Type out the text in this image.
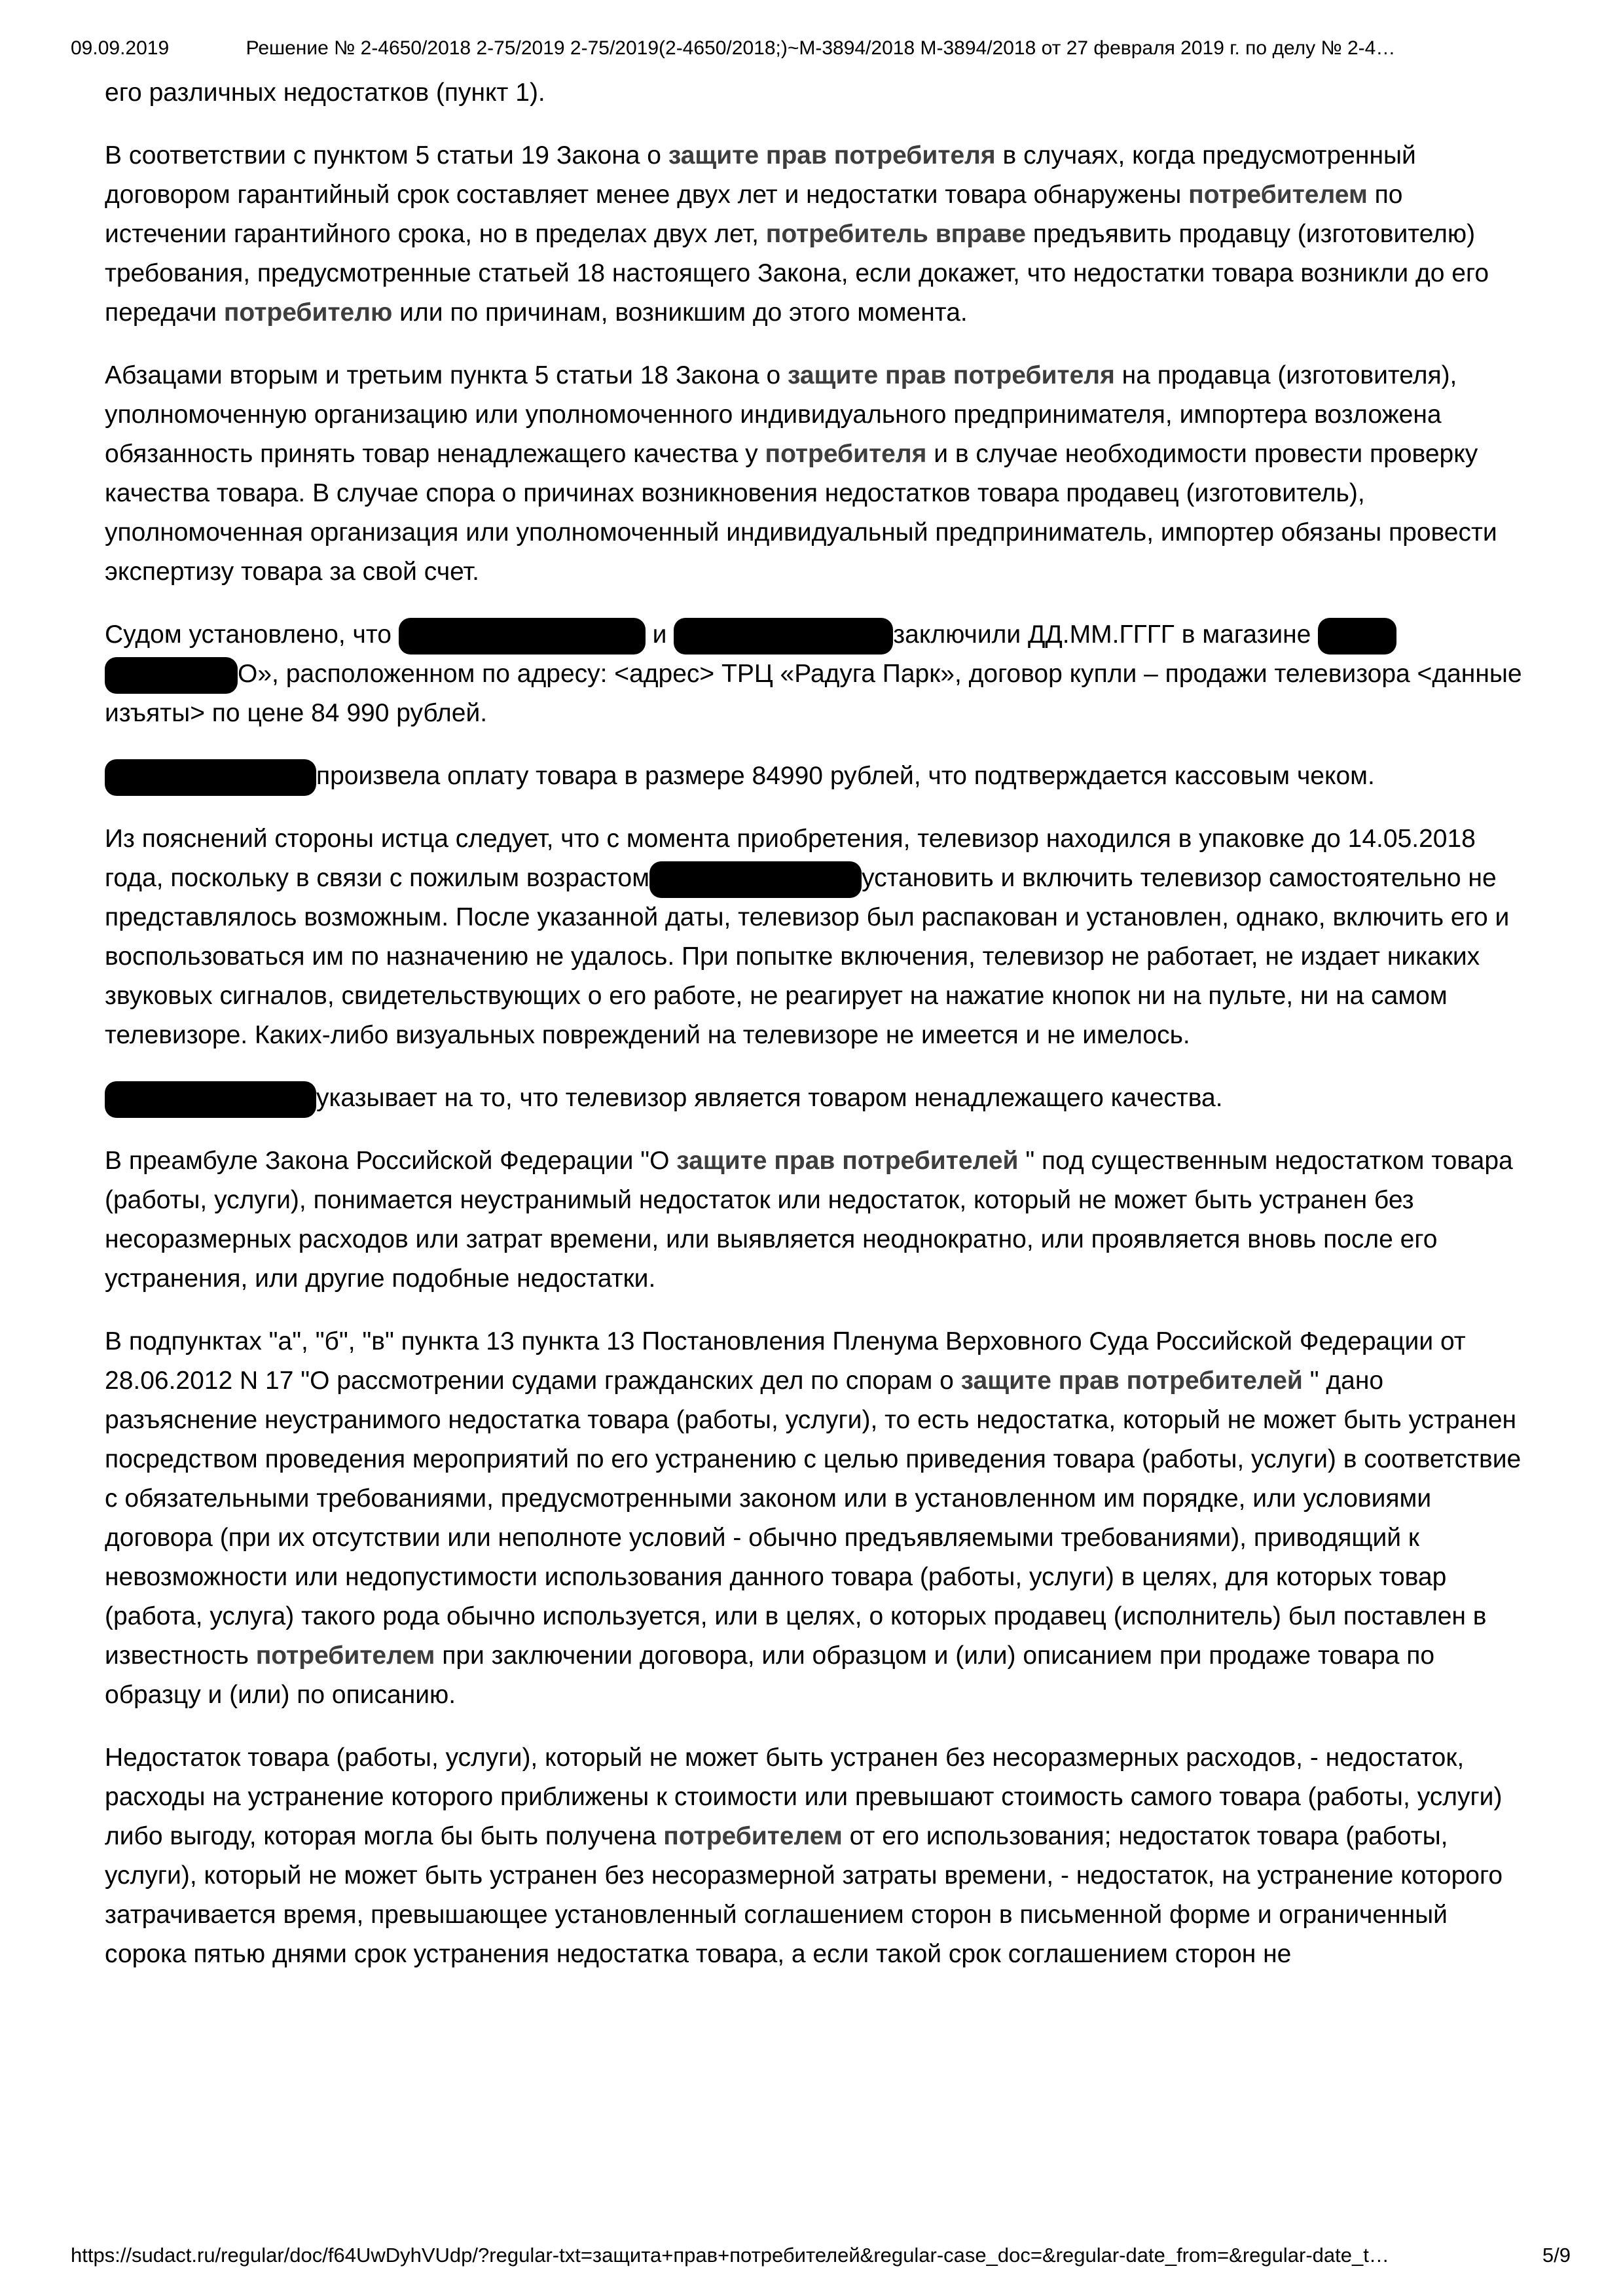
09.09.2019	Решение № 2-4650/2018 2-75/2019 2-75/2019(2-4650/2018;)~М-3894/2018 М-3894/2018 от 27 февраля 2019 г. по делу № 2-4…

его различных недостатков (пункт 1).

В соответствии с пунктом 5 статьи 19 Закона о защите прав потребителя в случаях, когда предусмотренный договором гарантийный срок составляет менее двух лет и недостатки товара обнаружены потребителем по истечении гарантийного срока, но в пределах двух лет, потребитель вправе предъявить продавцу (изготовителю) требования, предусмотренные статьей 18 настоящего Закона, если докажет, что недостатки товара возникли до его передачи потребителю или по причинам, возникшим до этого момента.

Абзацами вторым и третьим пункта 5 статьи 18 Закона о защите прав потребителя на продавца (изготовителя), уполномоченную организацию или уполномоченного индивидуального предпринимателя, импортера возложена обязанность принять товар ненадлежащего качества у потребителя и в случае необходимости провести проверку качества товара. В случае спора о причинах возникновения недостатков товара продавец (изготовитель), уполномоченная организация или уполномоченный индивидуальный предприниматель, импортер обязаны провести экспертизу товара за свой счет.

Судом установлено, что	и	заключили ДД.ММ.ГГГГ в магазине О», расположенном по адресу: <адрес> ТРЦ «Радуга Парк», договор купли – продажи телевизора <данные изъяты> по цене 84 990 рублей.

произвела оплату товара в размере 84990 рублей, что подтверждается кассовым чеком.

Из пояснений стороны истца следует, что с момента приобретения, телевизор находился в упаковке до 14.05.2018 года, поскольку в связи с пожилым возрастом	установить и включить телевизор самостоятельно не представлялось возможным. После указанной даты, телевизор был распакован и установлен, однако, включить его и воспользоваться им по назначению не удалось. При попытке включения, телевизор не работает, не издает никаких звуковых сигналов, свидетельствующих о его работе, не реагирует на нажатие кнопок ни на пульте, ни на самом телевизоре. Каких-либо визуальных повреждений на телевизоре не имеется и не имелось.

указывает на то, что телевизор является товаром ненадлежащего качества.

В преамбуле Закона Российской Федерации "О защите прав потребителей " под существенным недостатком товара (работы, услуги), понимается неустранимый недостаток или недостаток, который не может быть устранен без несоразмерных расходов или затрат времени, или выявляется неоднократно, или проявляется вновь после его устранения, или другие подобные недостатки.

В подпунктах "а", "б", "в" пункта 13 пункта 13 Постановления Пленума Верховного Суда Российской Федерации от 28.06.2012 N 17 "О рассмотрении судами гражданских дел по спорам о защите прав потребителей " дано разъяснение неустранимого недостатка товара (работы, услуги), то есть недостатка, который не может быть устранен посредством проведения мероприятий по его устранению с целью приведения товара (работы, услуги) в соответствие с обязательными требованиями, предусмотренными законом или в установленном им порядке, или условиями договора (при их отсутствии или неполноте условий - обычно предъявляемыми требованиями), приводящий к невозможности или недопустимости использования данного товара (работы, услуги) в целях, для которых товар (работа, услуга) такого рода обычно используется, или в целях, о которых продавец (исполнитель) был поставлен в известность потребителем при заключении договора, или образцом и (или) описанием при продаже товара по образцу и (или) по описанию.

Недостаток товара (работы, услуги), который не может быть устранен без несоразмерных расходов, - недостаток, расходы на устранение которого приближены к стоимости или превышают стоимость самого товара (работы, услуги) либо выгоду, которая могла бы быть получена потребителем от его использования; недостаток товара (работы, услуги), который не может быть устранен без несоразмерной затраты времени, - недостаток, на устранение которого затрачивается время, превышающее установленный соглашением сторон в письменной форме и ограниченный сорока пятью днями срок устранения недостатка товара, а если такой срок соглашением сторон не

https://sudact.ru/regular/doc/f64UwDyhVUdp/?regular-txt=защита+прав+потребителей&regular-case_doc=&regular-date_from=&regular-date_t…	5/9
